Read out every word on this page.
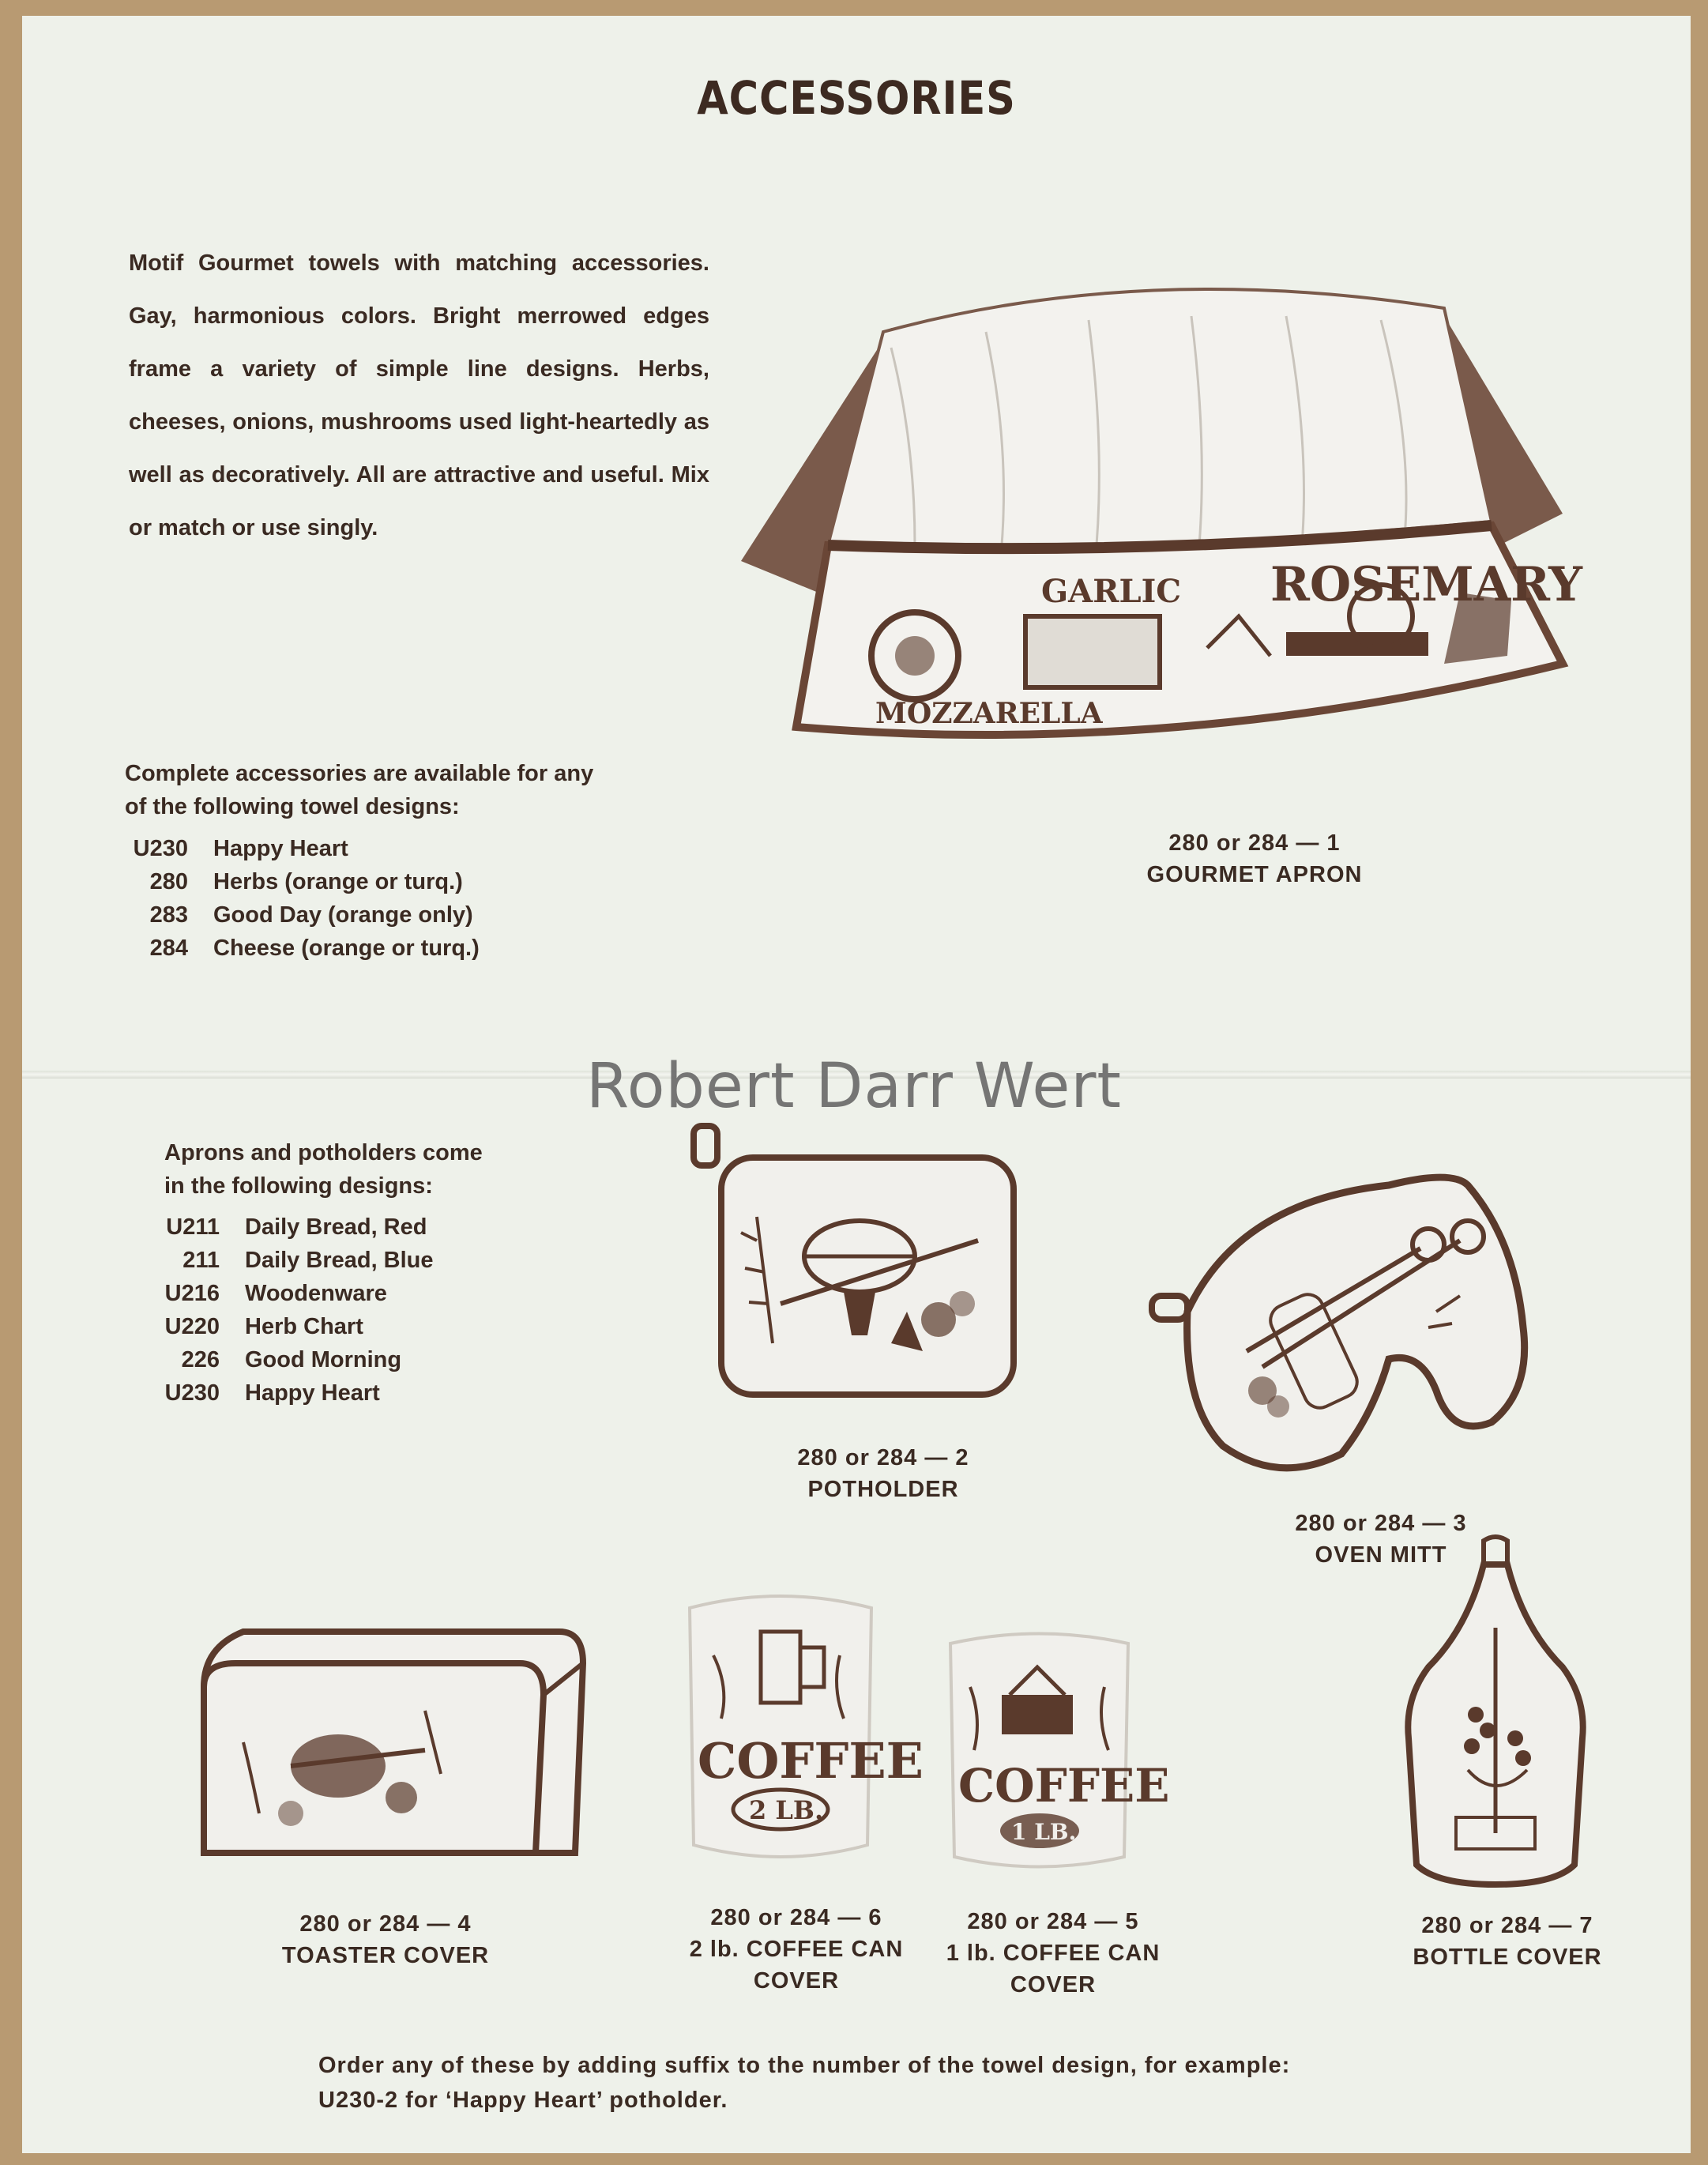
ACCESSORIES
Motif Gourmet towels with matching accessories. Gay, harmonious colors. Bright merrowed edges frame a variety of simple line designs. Herbs, cheeses, onions, mushrooms used light-heartedly as well as decoratively. All are attractive and useful. Mix or match or use singly.
Complete accessories are available for any
of the following towel designs:
U230 Happy Heart
280 Herbs (orange or turq.)
283 Good Day (orange only)
284 Cheese (orange or turq.)
Aprons and potholders come
in the following designs:
U211 Daily Bread, Red
211 Daily Bread, Blue
U216 Woodenware
U220 Herb Chart
226 Good Morning
U230 Happy Heart
GARLIC ROSEMARY
MOZZARELLA
280 or 284 — 1
GOURMET APRON
280 or 284 — 2
POTHOLDER
280 or 284 — 3
OVEN MITT
280 or 284 — 4
TOASTER COVER
COFFEE
2 LB.
280 or 284 — 6
2 lb. COFFEE CAN
COVER
COFFEE
1 LB.
280 or 284 — 5
1 lb. COFFEE CAN
COVER
280 or 284 — 7
BOTTLE COVER
Order any of these by adding suffix to the number of the towel design, for example:
U230-2 for ‘Happy Heart’ potholder.
Robert Darr Wert
